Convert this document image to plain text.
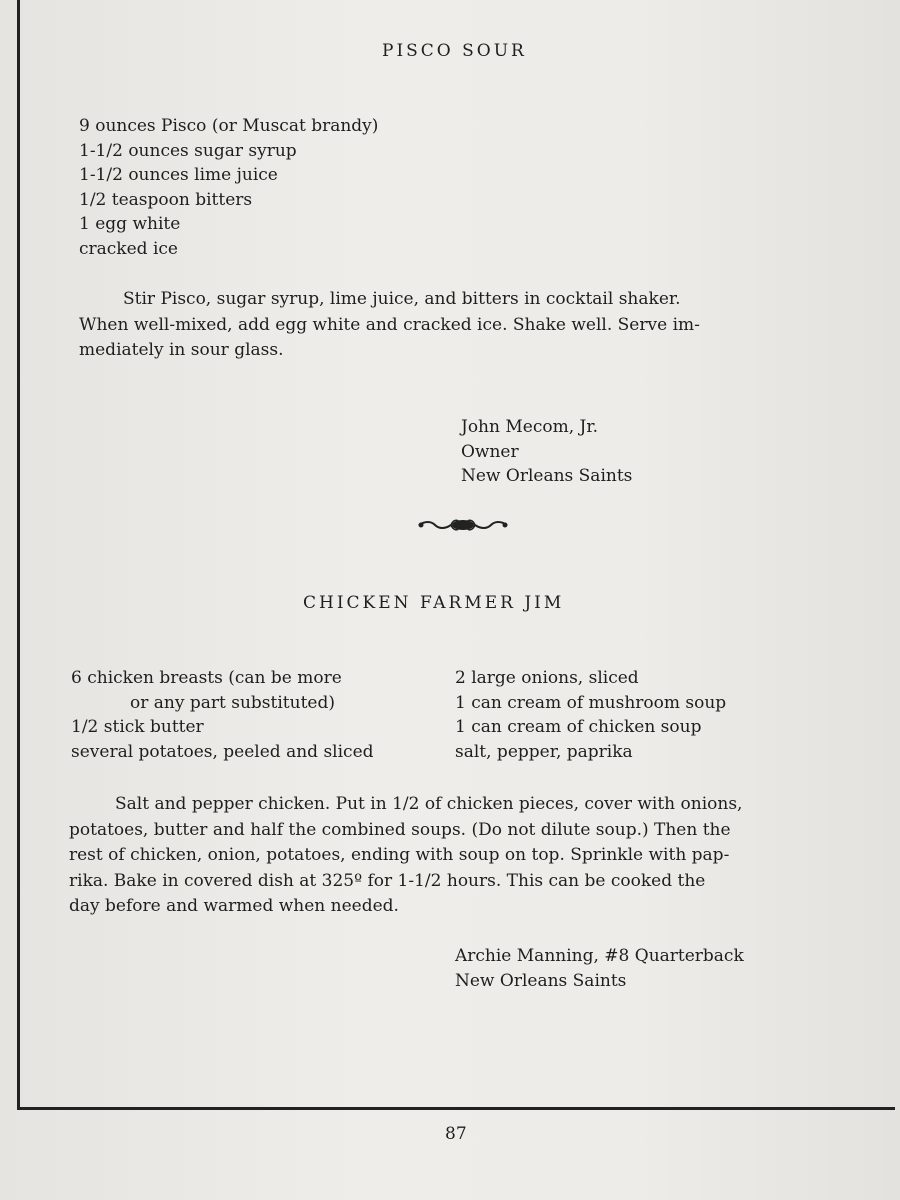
PISCO SOUR
9 ounces Pisco (or Muscat brandy)
1-1/2 ounces sugar syrup
1-1/2 ounces lime juice
1/2 teaspoon bitters
1 egg white
cracked ice
Stir Pisco, sugar syrup, lime juice, and bitters in cocktail shaker.
When well-mixed, add egg white and cracked ice. Shake well. Serve im-
mediately in sour glass.
John Mecom, Jr.
Owner
New Orleans Saints
CHICKEN FARMER JIM
6 chicken breasts (can be more
or any part substituted)
1/2 stick butter
several potatoes, peeled and sliced
2 large onions, sliced
1 can cream of mushroom soup
1 can cream of chicken soup
salt, pepper, paprika
Salt and pepper chicken. Put in 1/2 of chicken pieces, cover with onions,
potatoes, butter and half the combined soups. (Do not dilute soup.) Then the
rest of chicken, onion, potatoes, ending with soup on top. Sprinkle with pap-
rika. Bake in covered dish at 325º for 1-1/2 hours. This can be cooked the
day before and warmed when needed.
Archie Manning, #8 Quarterback
New Orleans Saints
87
